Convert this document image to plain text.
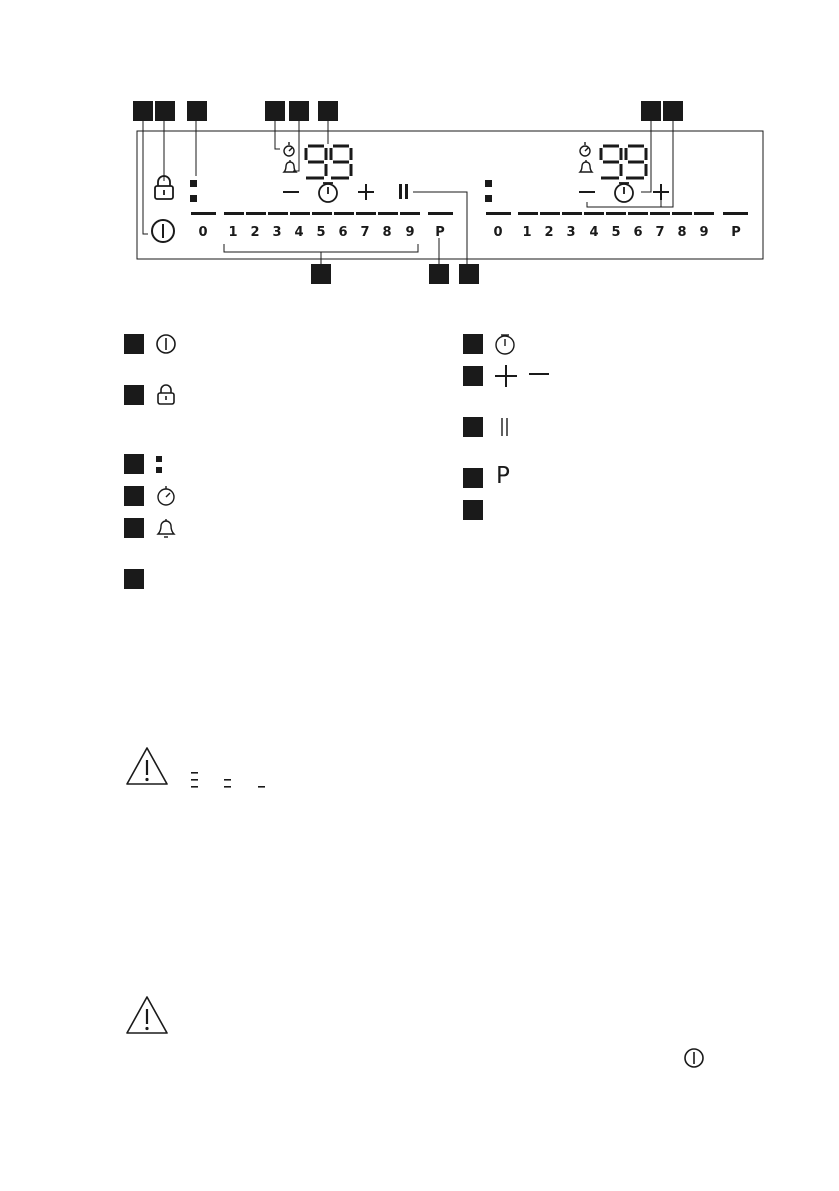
0 1 2 3 4 5 6 7 8 9 P	0 1 2 3 4 5 6 7 8 9 P
P
